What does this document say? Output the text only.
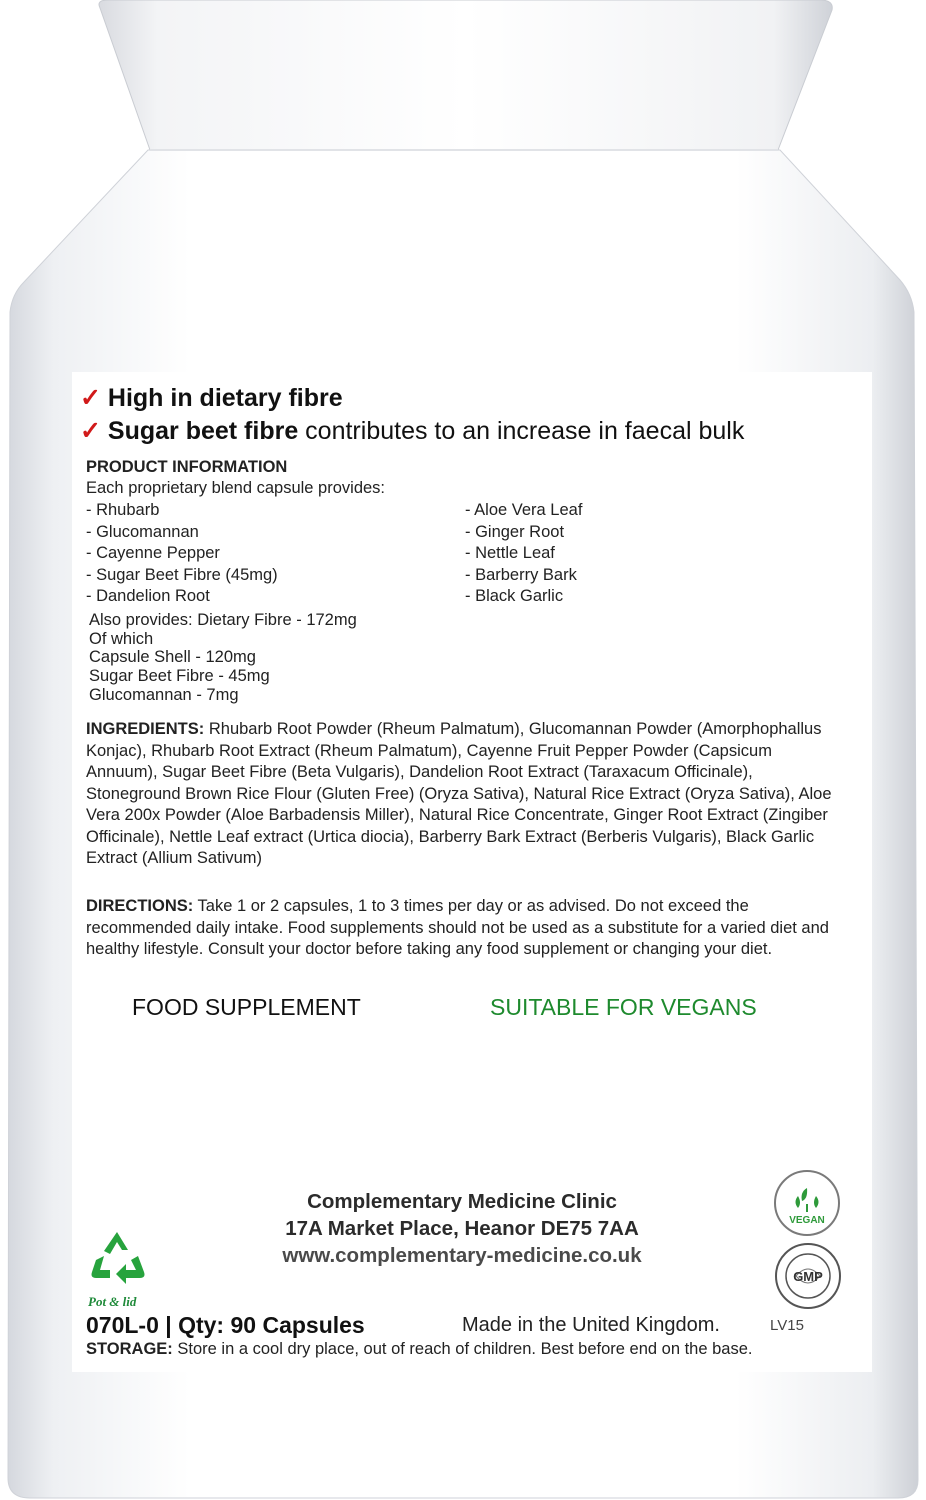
✓ High in dietary fibre
✓ Sugar beet fibre contributes to an increase in faecal bulk
PRODUCT INFORMATION
Each proprietary blend capsule provides:
- Rhubarb
- Glucomannan
- Cayenne Pepper
- Sugar Beet Fibre (45mg)
- Dandelion Root
- Aloe Vera Leaf
- Ginger Root
- Nettle Leaf
- Barberry Bark
- Black Garlic
Also provides: Dietary Fibre - 172mg
Of which
Capsule Shell - 120mg
Sugar Beet Fibre - 45mg
Glucomannan - 7mg
INGREDIENTS: Rhubarb Root Powder (Rheum Palmatum), Glucomannan Powder (Amorphophallus Konjac), Rhubarb Root Extract (Rheum Palmatum), Cayenne Fruit Pepper Powder (Capsicum Annuum), Sugar Beet Fibre (Beta Vulgaris), Dandelion Root Extract (Taraxacum Officinale), Stoneground Brown Rice Flour (Gluten Free) (Oryza Sativa), Natural Rice Extract (Oryza Sativa), Aloe Vera 200x Powder (Aloe Barbadensis Miller), Natural Rice Concentrate, Ginger Root Extract (Zingiber Officinale), Nettle Leaf extract (Urtica diocia), Barberry Bark Extract (Berberis Vulgaris), Black Garlic Extract (Allium Sativum)
DIRECTIONS: Take 1 or 2 capsules, 1 to 3 times per day or as advised. Do not exceed the recommended daily intake. Food supplements should not be used as a substitute for a varied diet and healthy lifestyle. Consult your doctor before taking any food supplement or changing your diet.
FOOD SUPPLEMENT	SUITABLE FOR VEGANS
Complementary Medicine Clinic
17A Market Place, Heanor DE75 7AA
www.complementary-medicine.co.uk
VEGAN
GMP
Pot & lid
070L-0 | Qty: 90 Capsules	Made in the United Kingdom.	LV15
STORAGE: Store in a cool dry place, out of reach of children. Best before end on the base.
